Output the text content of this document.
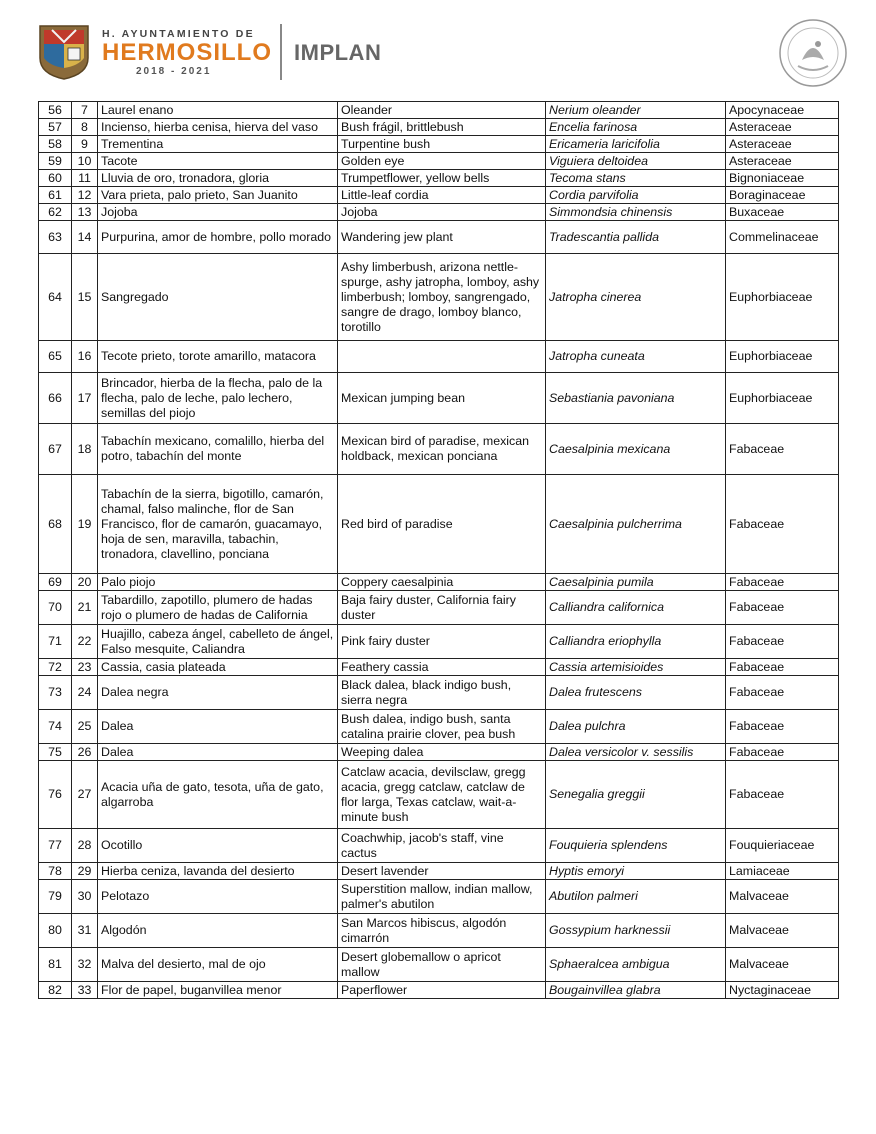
H. AYUNTAMIENTO DE
HERMOSILLO
2018 - 2021
IMPLAN
56	7	Laurel enano	Oleander	Nerium oleander	Apocynaceae
57	8	Incienso, hierba cenisa, hierva del vaso	Bush frágil, brittlebush	Encelia farinosa	Asteraceae
58	9	Trementina	Turpentine bush	Ericameria laricifolia	Asteraceae
59	10	Tacote	Golden eye	Viguiera deltoidea	Asteraceae
60	11	Lluvia de oro, tronadora, gloria	Trumpetflower, yellow bells	Tecoma stans	Bignoniaceae
61	12	Vara prieta, palo prieto, San Juanito	Little-leaf cordia	Cordia parvifolia	Boraginaceae
62	13	Jojoba	Jojoba	Simmondsia chinensis	Buxaceae
63	14	Purpurina, amor de hombre, pollo morado	Wandering jew plant	Tradescantia pallida	Commelinaceae
64	15	Sangregado	Ashy limberbush, arizona nettle-spurge, ashy jatropha, lomboy, ashy limberbush; lomboy, sangrengado, sangre de drago, lomboy blanco, torotillo	Jatropha cinerea	Euphorbiaceae
65	16	Tecote prieto, torote amarillo, matacora		Jatropha cuneata	Euphorbiaceae
66	17	Brincador, hierba de la flecha, palo de la flecha, palo de leche, palo lechero, semillas del piojo	Mexican jumping bean	Sebastiania pavoniana	Euphorbiaceae
67	18	Tabachín mexicano, comalillo, hierba del potro, tabachín del monte	Mexican bird of paradise, mexican holdback, mexican ponciana	Caesalpinia mexicana	Fabaceae
68	19	Tabachín de la sierra, bigotillo, camarón, chamal, falso malinche, flor de San Francisco, flor de camarón, guacamayo, hoja de sen, maravilla, tabachin, tronadora, clavellino, ponciana	Red bird of paradise	Caesalpinia pulcherrima	Fabaceae
69	20	Palo piojo	Coppery caesalpinia	Caesalpinia pumila	Fabaceae
70	21	Tabardillo, zapotillo, plumero de hadas rojo o plumero de hadas de California	Baja fairy duster, California fairy duster	Calliandra californica	Fabaceae
71	22	Huajillo, cabeza ángel, cabelleto de ángel, Falso mesquite, Caliandra	Pink fairy duster	Calliandra eriophylla	Fabaceae
72	23	Cassia, casia plateada	Feathery cassia	Cassia artemisioides	Fabaceae
73	24	Dalea negra	Black dalea, black indigo bush, sierra negra	Dalea frutescens	Fabaceae
74	25	Dalea	Bush dalea, indigo bush, santa catalina prairie clover, pea bush	Dalea pulchra	Fabaceae
75	26	Dalea	Weeping dalea	Dalea versicolor v. sessilis	Fabaceae
76	27	Acacia uña de gato, tesota, uña de gato, algarroba	Catclaw acacia, devilsclaw, gregg acacia, gregg catclaw, catclaw de flor larga, Texas catclaw, wait-a-minute bush	Senegalia greggii	Fabaceae
77	28	Ocotillo	Coachwhip, jacob's staff, vine cactus	Fouquieria splendens	Fouquieriaceae
78	29	Hierba ceniza, lavanda del desierto	Desert lavender	Hyptis emoryi	Lamiaceae
79	30	Pelotazo	Superstition mallow, indian mallow, palmer's abutilon	Abutilon palmeri	Malvaceae
80	31	Algodón	San Marcos hibiscus, algodón cimarrón	Gossypium harknessii	Malvaceae
81	32	Malva del desierto, mal de ojo	Desert globemallow o apricot mallow	Sphaeralcea ambigua	Malvaceae
82	33	Flor de papel, buganvillea menor	Paperflower	Bougainvillea glabra	Nyctaginaceae
